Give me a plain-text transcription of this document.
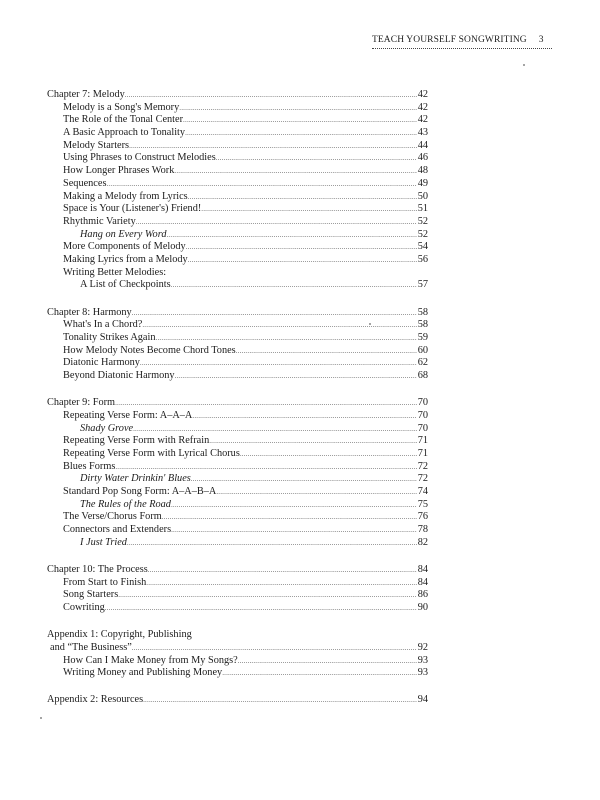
TEACH YOURSELF SONGWRITING 3
Chapter 7: Melody .....	42
Melody is a Song's Memory .....	42
The Role of the Tonal Center .....	42
A Basic Approach to Tonality .....	43
Melody Starters .....	44
Using Phrases to Construct Melodies .....	46
How Longer Phrases Work .....	48
Sequences .....	49
Making a Melody from Lyrics .....	50
Space is Your (Listener's) Friend! .....	51
Rhythmic Variety .....	52
Hang on Every Word .....	52
More Components of Melody .....	54
Making Lyrics from a Melody .....	56
Writing Better Melodies:
A List of Checkpoints .....	57
Chapter 8: Harmony .....	58
What's In a Chord? .....	58
Tonality Strikes Again .....	59
How Melody Notes Become Chord Tones .....	60
Diatonic Harmony .....	62
Beyond Diatonic Harmony .....	68
Chapter 9: Form .....	70
Repeating Verse Form: A–A–A .....	70
Shady Grove .....	70
Repeating Verse Form with Refrain .....	71
Repeating Verse Form with Lyrical Chorus .....	71
Blues Forms .....	72
Dirty Water Drinkin' Blues .....	72
Standard Pop Song Form: A–A–B–A .....	74
The Rules of the Road .....	75
The Verse/Chorus Form .....	76
Connectors and Extenders .....	78
I Just Tried .....	82
Chapter 10: The Process .....	84
From Start to Finish .....	84
Song Starters .....	86
Cowriting .....	90
Appendix 1: Copyright, Publishing
and “The Business” .....	92
How Can I Make Money from My Songs? .....	93
Writing Money and Publishing Money .....	93
Appendix 2: Resources .....	94
